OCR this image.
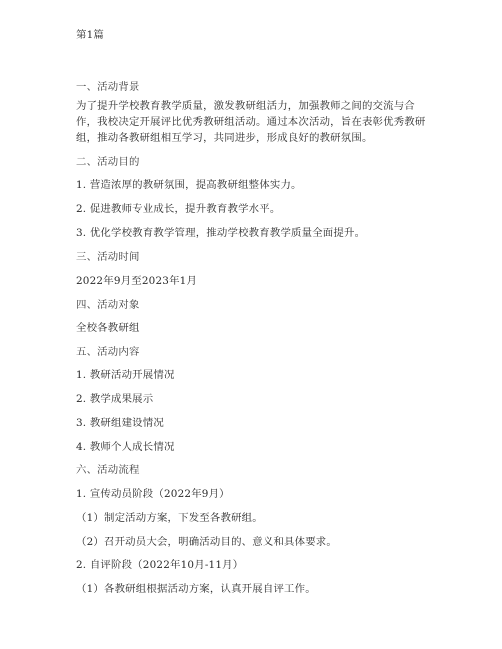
第1篇
一、活动背景
为了提升学校教育教学质量，激发教研组活力，加强教师之间的交流与合作，我校决定开展评比优秀教研组活动。通过本次活动，旨在表彰优秀教研组，推动各教研组相互学习，共同进步，形成良好的教研氛围。
二、活动目的
1. 营造浓厚的教研氛围，提高教研组整体实力。
2. 促进教师专业成长，提升教育教学水平。
3. 优化学校教育教学管理，推动学校教育教学质量全面提升。
三、活动时间
2022年9月至2023年1月
四、活动对象
全校各教研组
五、活动内容
1. 教研活动开展情况
2. 教学成果展示
3. 教研组建设情况
4. 教师个人成长情况
六、活动流程
1. 宣传动员阶段（2022年9月）
（1）制定活动方案，下发至各教研组。
（2）召开动员大会，明确活动目的、意义和具体要求。
2. 自评阶段（2022年10月-11月）
（1）各教研组根据活动方案，认真开展自评工作。
